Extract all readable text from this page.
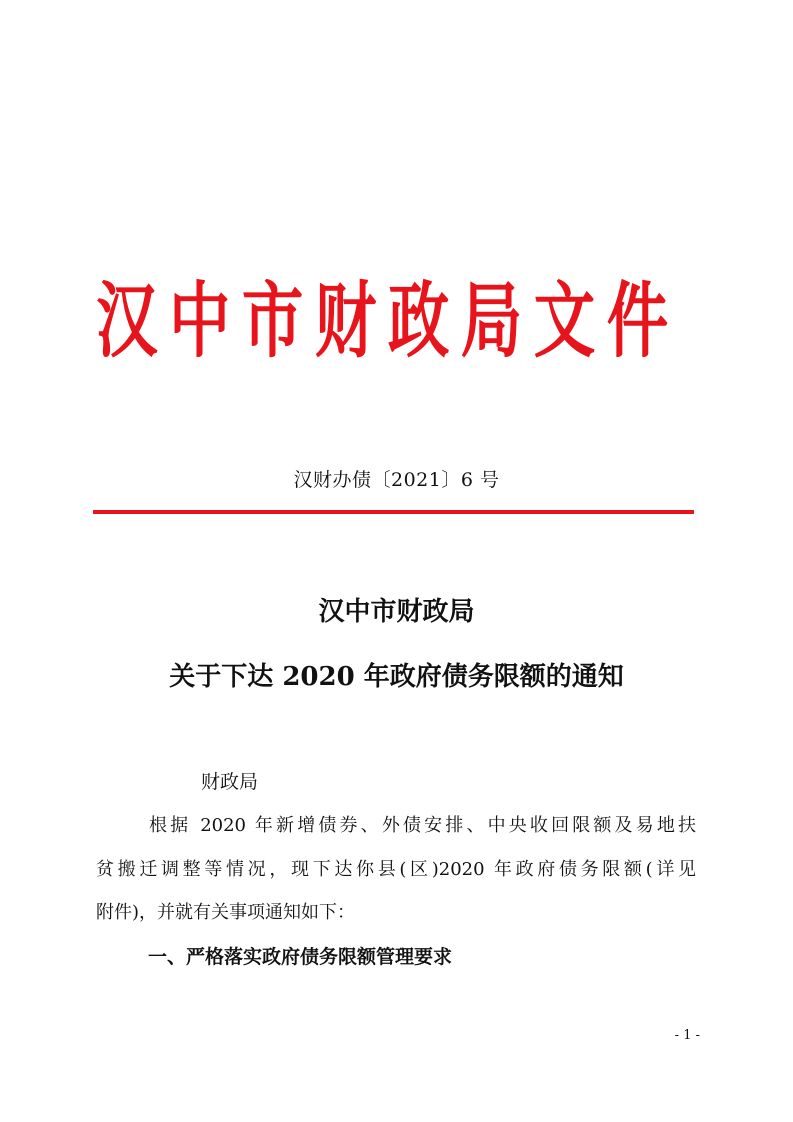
汉中市财政局文件
汉财办债〔2021〕6 号
汉中市财政局
关于下达 2020 年政府债务限额的通知
财政局
根据 2020 年新增债券、外债安排、中央收回限额及易地扶
贫搬迁调整等情况，现下达你县(区)2020 年政府债务限额(详见
附件)，并就有关事项通知如下：
一、严格落实政府债务限额管理要求
- 1 -
